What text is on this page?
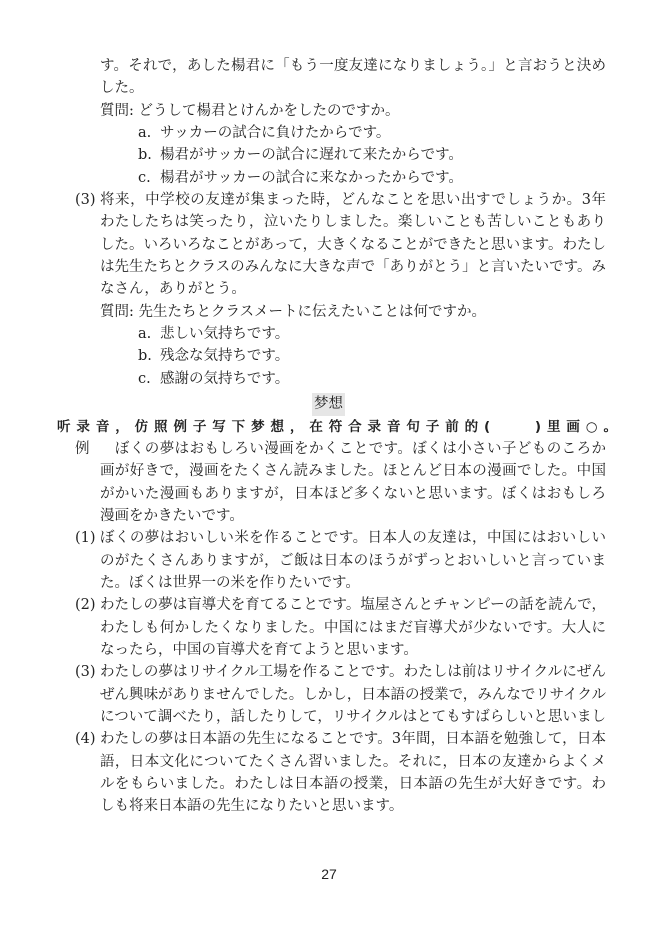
す。それで，あした楊君に「もう一度友達になりましょう。」と言おうと決め
した。
質問: どうして楊君とけんかをしたのですか。
a. サッカーの試合に負けたからです。
b. 楊君がサッカーの試合に遅れて来たからです。
c. 楊君がサッカーの試合に来なかったからです。
(3) 将来，中学校の友達が集まった時，どんなことを思い出すでしょうか。3年
わたしたちは笑ったり，泣いたりしました。楽しいことも苦しいこともあり
した。いろいろなことがあって，大きくなることができたと思います。わたし
は先生たちとクラスのみんなに大きな声で「ありがとう」と言いたいです。み
なさん，ありがとう。
質問: 先生たちとクラスメートに伝えたいことは何ですか。
a. 悲しい気持ちです。
b. 残念な気持ちです。
c. 感謝の気持ちです。
梦想
听录音，仿照例子写下梦想，在符合录音句子前的(　　)里画○。
例	　ぼくの夢はおもしろい漫画をかくことです。ぼくは小さい子どものころか
画が好きで，漫画をたくさん読みました。ほとんど日本の漫画でした。中国
がかいた漫画もありますが，日本ほど多くないと思います。ぼくはおもしろ
漫画をかきたいです。
(1) ぼくの夢はおいしい米を作ることです。日本人の友達は，中国にはおいしい
のがたくさんありますが，ご飯は日本のほうがずっとおいしいと言っていま
た。ぼくは世界一の米を作りたいです。
(2) わたしの夢は盲導犬を育てることです。塩屋さんとチャンピーの話を読んで，
わたしも何かしたくなりました。中国にはまだ盲導犬が少ないです。大人に
なったら，中国の盲導犬を育てようと思います。
(3) わたしの夢はリサイクル工場を作ることです。わたしは前はリサイクルにぜん
ぜん興味がありませんでした。しかし，日本語の授業で，みんなでリサイクル
について調べたり，話したりして，リサイクルはとてもすばらしいと思いまし
(4) わたしの夢は日本語の先生になることです。3年間，日本語を勉強して，日本
語，日本文化についてたくさん習いました。それに，日本の友達からよくメ
ルをもらいました。わたしは日本語の授業，日本語の先生が大好きです。わ
しも将来日本語の先生になりたいと思います。
27
